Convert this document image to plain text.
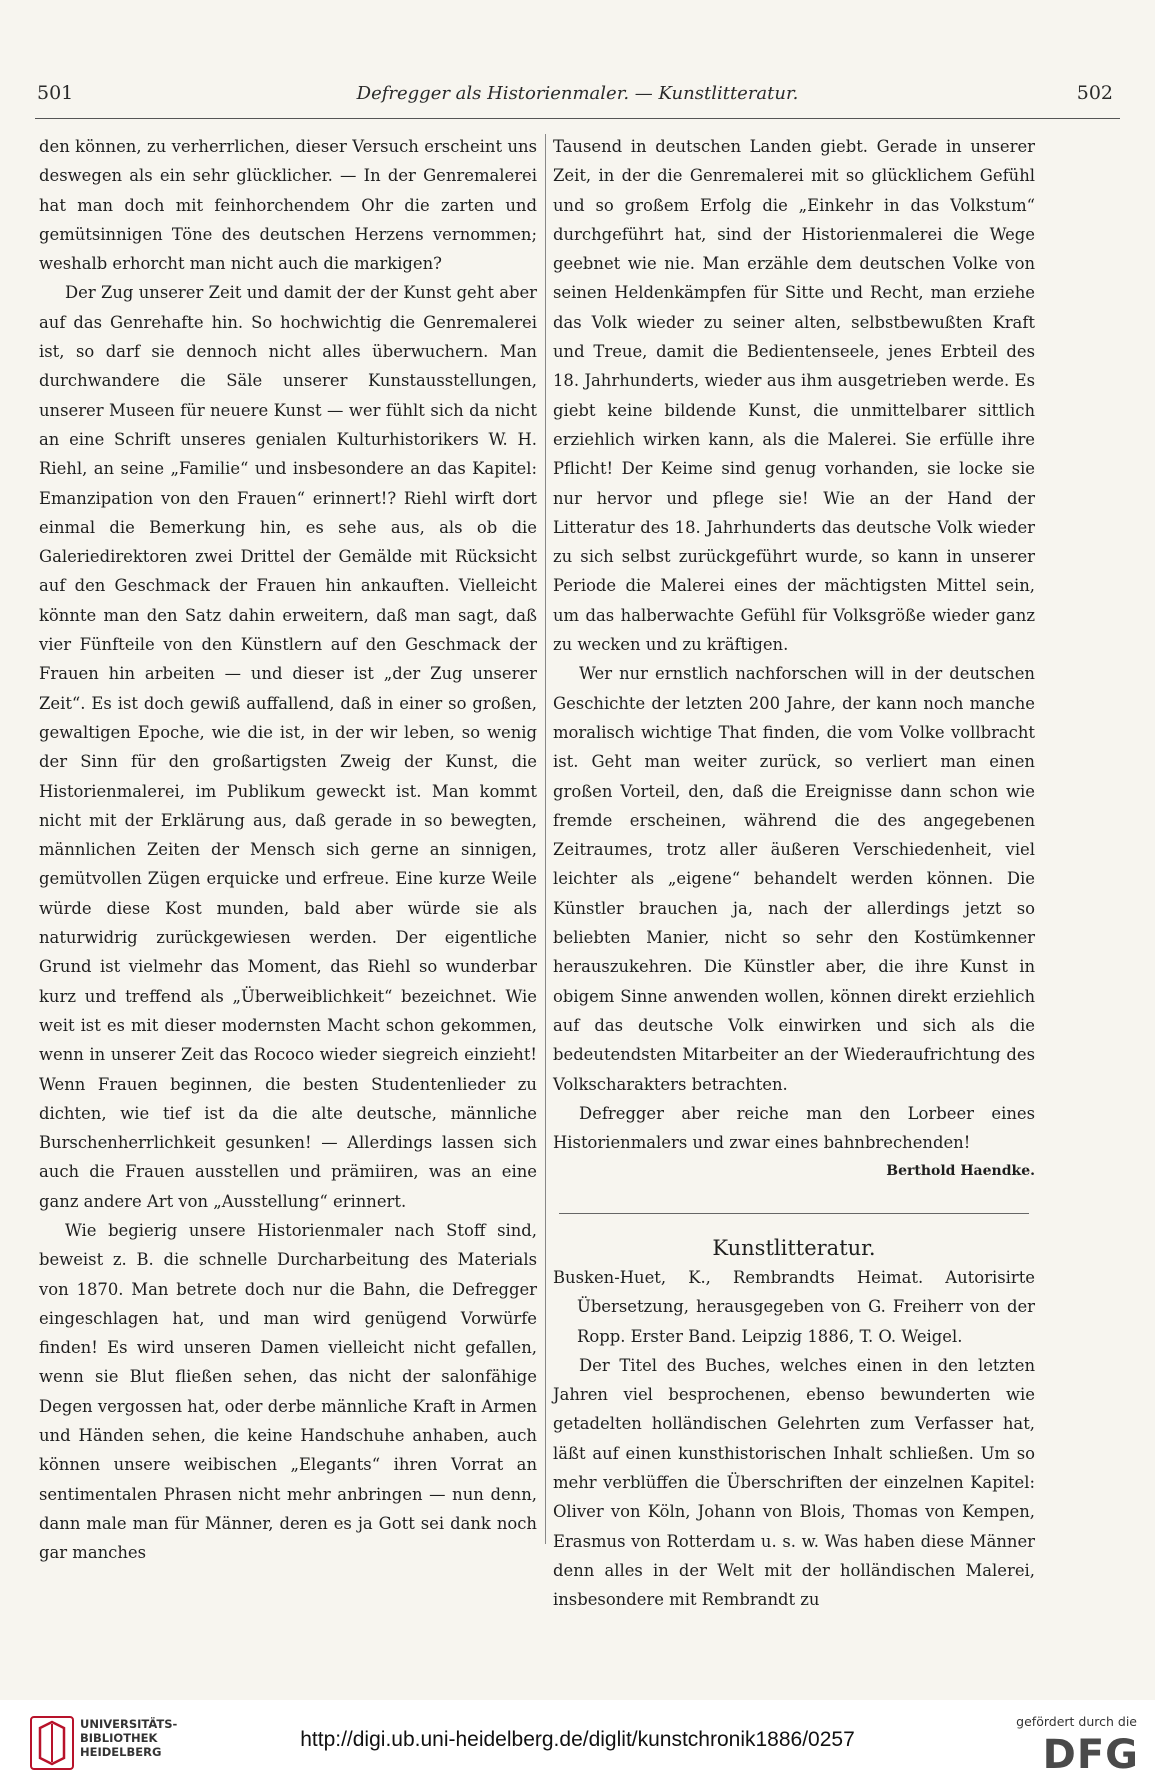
501	Defregger als Historienmaler. — Kunstlitteratur.	502

den können, zu verherrlichen, dieser Versuch erscheint uns deswegen als ein sehr glücklicher. — In der Genremalerei hat man doch mit feinhorchendem Ohr die zarten und gemütsinnigen Töne des deutschen Herzens vernommen; weshalb erhorcht man nicht auch die markigen?

Der Zug unserer Zeit und damit der der Kunst geht aber auf das Genrehafte hin. So hochwichtig die Genremalerei ist, so darf sie dennoch nicht alles überwuchern. Man durchwandere die Säle unserer Kunstausstellungen, unserer Museen für neuere Kunst — wer fühlt sich da nicht an eine Schrift unseres genialen Kulturhistorikers W. H. Riehl, an seine „Familie“ und insbesondere an das Kapitel: Emanzipation von den Frauen“ erinnert!? Riehl wirft dort einmal die Bemerkung hin, es sehe aus, als ob die Galeriedirektoren zwei Drittel der Gemälde mit Rücksicht auf den Geschmack der Frauen hin ankauften. Vielleicht könnte man den Satz dahin erweitern, daß man sagt, daß vier Fünfteile von den Künstlern auf den Geschmack der Frauen hin arbeiten — und dieser ist „der Zug unserer Zeit“. Es ist doch gewiß auffallend, daß in einer so großen, gewaltigen Epoche, wie die ist, in der wir leben, so wenig der Sinn für den großartigsten Zweig der Kunst, die Historienmalerei, im Publikum geweckt ist. Man kommt nicht mit der Erklärung aus, daß gerade in so bewegten, männlichen Zeiten der Mensch sich gerne an sinnigen, gemütvollen Zügen erquicke und erfreue. Eine kurze Weile würde diese Kost munden, bald aber würde sie als naturwidrig zurückgewiesen werden. Der eigentliche Grund ist vielmehr das Moment, das Riehl so wunderbar kurz und treffend als „Überweiblichkeit“ bezeichnet. Wie weit ist es mit dieser modernsten Macht schon gekommen, wenn in unserer Zeit das Rococo wieder siegreich einzieht! Wenn Frauen beginnen, die besten Studentenlieder zu dichten, wie tief ist da die alte deutsche, männliche Burschenherrlichkeit gesunken! — Allerdings lassen sich auch die Frauen ausstellen und prämiiren, was an eine ganz andere Art von „Ausstellung“ erinnert.

Wie begierig unsere Historienmaler nach Stoff sind, beweist z. B. die schnelle Durcharbeitung des Materials von 1870. Man betrete doch nur die Bahn, die Defregger eingeschlagen hat, und man wird genügend Vorwürfe finden! Es wird unseren Damen vielleicht nicht gefallen, wenn sie Blut fließen sehen, das nicht der salonfähige Degen vergossen hat, oder derbe männliche Kraft in Armen und Händen sehen, die keine Handschuhe anhaben, auch können unsere weibischen „Elegants“ ihren Vorrat an sentimentalen Phrasen nicht mehr anbringen — nun denn, dann male man für Männer, deren es ja Gott sei dank noch gar manches

Tausend in deutschen Landen giebt. Gerade in unserer Zeit, in der die Genremalerei mit so glücklichem Gefühl und so großem Erfolg die „Einkehr in das Volkstum“ durchgeführt hat, sind der Historienmalerei die Wege geebnet wie nie. Man erzähle dem deutschen Volke von seinen Heldenkämpfen für Sitte und Recht, man erziehe das Volk wieder zu seiner alten, selbstbewußten Kraft und Treue, damit die Bedientenseele, jenes Erbteil des 18. Jahrhunderts, wieder aus ihm ausgetrieben werde. Es giebt keine bildende Kunst, die unmittelbarer sittlich erziehlich wirken kann, als die Malerei. Sie erfülle ihre Pflicht! Der Keime sind genug vorhanden, sie locke sie nur hervor und pflege sie! Wie an der Hand der Litteratur des 18. Jahrhunderts das deutsche Volk wieder zu sich selbst zurückgeführt wurde, so kann in unserer Periode die Malerei eines der mächtigsten Mittel sein, um das halberwachte Gefühl für Volksgröße wieder ganz zu wecken und zu kräftigen.

Wer nur ernstlich nachforschen will in der deutschen Geschichte der letzten 200 Jahre, der kann noch manche moralisch wichtige That finden, die vom Volke vollbracht ist. Geht man weiter zurück, so verliert man einen großen Vorteil, den, daß die Ereignisse dann schon wie fremde erscheinen, während die des angegebenen Zeitraumes, trotz aller äußeren Verschiedenheit, viel leichter als „eigene“ behandelt werden können. Die Künstler brauchen ja, nach der allerdings jetzt so beliebten Manier, nicht so sehr den Kostümkenner herauszukehren. Die Künstler aber, die ihre Kunst in obigem Sinne anwenden wollen, können direkt erziehlich auf das deutsche Volk einwirken und sich als die bedeutendsten Mitarbeiter an der Wiederaufrichtung des Volkscharakters betrachten.

Defregger aber reiche man den Lorbeer eines Historienmalers und zwar eines bahnbrechenden!

Berthold Haendke.

Kunstlitteratur.

Busken-Huet, K., Rembrandts Heimat. Autorisirte Übersetzung, herausgegeben von G. Freiherr von der Ropp. Erster Band. Leipzig 1886, T. O. Weigel.

Der Titel des Buches, welches einen in den letzten Jahren viel besprochenen, ebenso bewunderten wie getadelten holländischen Gelehrten zum Verfasser hat, läßt auf einen kunsthistorischen Inhalt schließen. Um so mehr verblüffen die Überschriften der einzelnen Kapitel: Oliver von Köln, Johann von Blois, Thomas von Kempen, Erasmus von Rotterdam u. s. w. Was haben diese Männer denn alles in der Welt mit der holländischen Malerei, insbesondere mit Rembrandt zu

UNIVERSITÄTS-
BIBLIOTHEK
HEIDELBERG
http://digi.ub.uni-heidelberg.de/diglit/kunstchronik1886/0257
gefördert durch die
DFG
